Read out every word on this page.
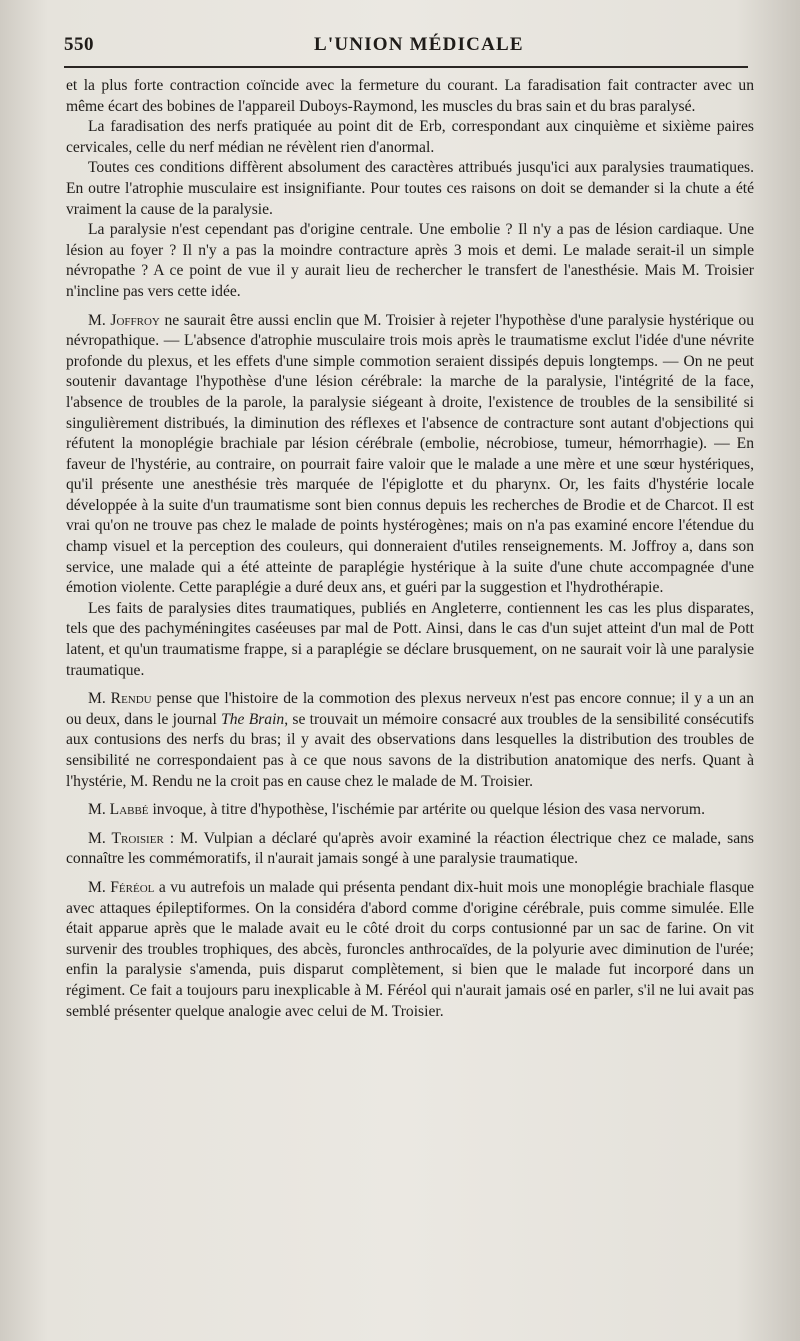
550	L'UNION MÉDICALE

et la plus forte contraction coïncide avec la fermeture du courant. La faradisation fait contracter avec un même écart des bobines de l'appareil Duboys-Raymond, les muscles du bras sain et du bras paralysé.

La faradisation des nerfs pratiquée au point dit de Erb, correspondant aux cinquième et sixième paires cervicales, celle du nerf médian ne révèlent rien d'anormal.

Toutes ces conditions diffèrent absolument des caractères attribués jusqu'ici aux paralysies traumatiques. En outre l'atrophie musculaire est insignifiante. Pour toutes ces raisons on doit se demander si la chute a été vraiment la cause de la paralysie.

La paralysie n'est cependant pas d'origine centrale. Une embolie ? Il n'y a pas de lésion cardiaque. Une lésion au foyer ? Il n'y a pas la moindre contracture après 3 mois et demi. Le malade serait-il un simple névropathe ? A ce point de vue il y aurait lieu de rechercher le transfert de l'anesthésie. Mais M. Troisier n'incline pas vers cette idée.

M. Joffroy ne saurait être aussi enclin que M. Troisier à rejeter l'hypothèse d'une paralysie hystérique ou névropathique. — L'absence d'atrophie musculaire trois mois après le traumatisme exclut l'idée d'une névrite profonde du plexus, et les effets d'une simple commotion seraient dissipés depuis longtemps. — On ne peut soutenir davantage l'hypothèse d'une lésion cérébrale: la marche de la paralysie, l'intégrité de la face, l'absence de troubles de la parole, la paralysie siégeant à droite, l'existence de troubles de la sensibilité si singulièrement distribués, la diminution des réflexes et l'absence de contracture sont autant d'objections qui réfutent la monoplégie brachiale par lésion cérébrale (embolie, nécrobiose, tumeur, hémorrhagie). — En faveur de l'hystérie, au contraire, on pourrait faire valoir que le malade a une mère et une sœur hystériques, qu'il présente une anesthésie très marquée de l'épiglotte et du pharynx. Or, les faits d'hystérie locale développée à la suite d'un traumatisme sont bien connus depuis les recherches de Brodie et de Charcot. Il est vrai qu'on ne trouve pas chez le malade de points hystérogènes; mais on n'a pas examiné encore l'étendue du champ visuel et la perception des couleurs, qui donneraient d'utiles renseignements. M. Joffroy a, dans son service, une malade qui a été atteinte de paraplégie hystérique à la suite d'une chute accompagnée d'une émotion violente. Cette paraplégie a duré deux ans, et guéri par la suggestion et l'hydrothérapie.

Les faits de paralysies dites traumatiques, publiés en Angleterre, contiennent les cas les plus disparates, tels que des pachyméningites caséeuses par mal de Pott. Ainsi, dans le cas d'un sujet atteint d'un mal de Pott latent, et qu'un traumatisme frappe, si a paraplégie se déclare brusquement, on ne saurait voir là une paralysie traumatique.

M. Rendu pense que l'histoire de la commotion des plexus nerveux n'est pas encore connue; il y a un an ou deux, dans le journal The Brain, se trouvait un mémoire consacré aux troubles de la sensibilité consécutifs aux contusions des nerfs du bras; il y avait des observations dans lesquelles la distribution des troubles de sensibilité ne correspondaient pas à ce que nous savons de la distribution anatomique des nerfs. Quant à l'hystérie, M. Rendu ne la croit pas en cause chez le malade de M. Troisier.

M. Labbé invoque, à titre d'hypothèse, l'ischémie par artérite ou quelque lésion des vasa nervorum.

M. Troisier : M. Vulpian a déclaré qu'après avoir examiné la réaction électrique chez ce malade, sans connaître les commémoratifs, il n'aurait jamais songé à une paralysie traumatique.

M. Féréol a vu autrefois un malade qui présenta pendant dix-huit mois une monoplégie brachiale flasque avec attaques épileptiformes. On la considéra d'abord comme d'origine cérébrale, puis comme simulée. Elle était apparue après que le malade avait eu le côté droit du corps contusionné par un sac de farine. On vit survenir des troubles trophiques, des abcès, furoncles anthrocaïdes, de la polyurie avec diminution de l'urée; enfin la paralysie s'amenda, puis disparut complètement, si bien que le malade fut incorporé dans un régiment. Ce fait a toujours paru inexplicable à M. Féréol qui n'aurait jamais osé en parler, s'il ne lui avait pas semblé présenter quelque analogie avec celui de M. Troisier.
